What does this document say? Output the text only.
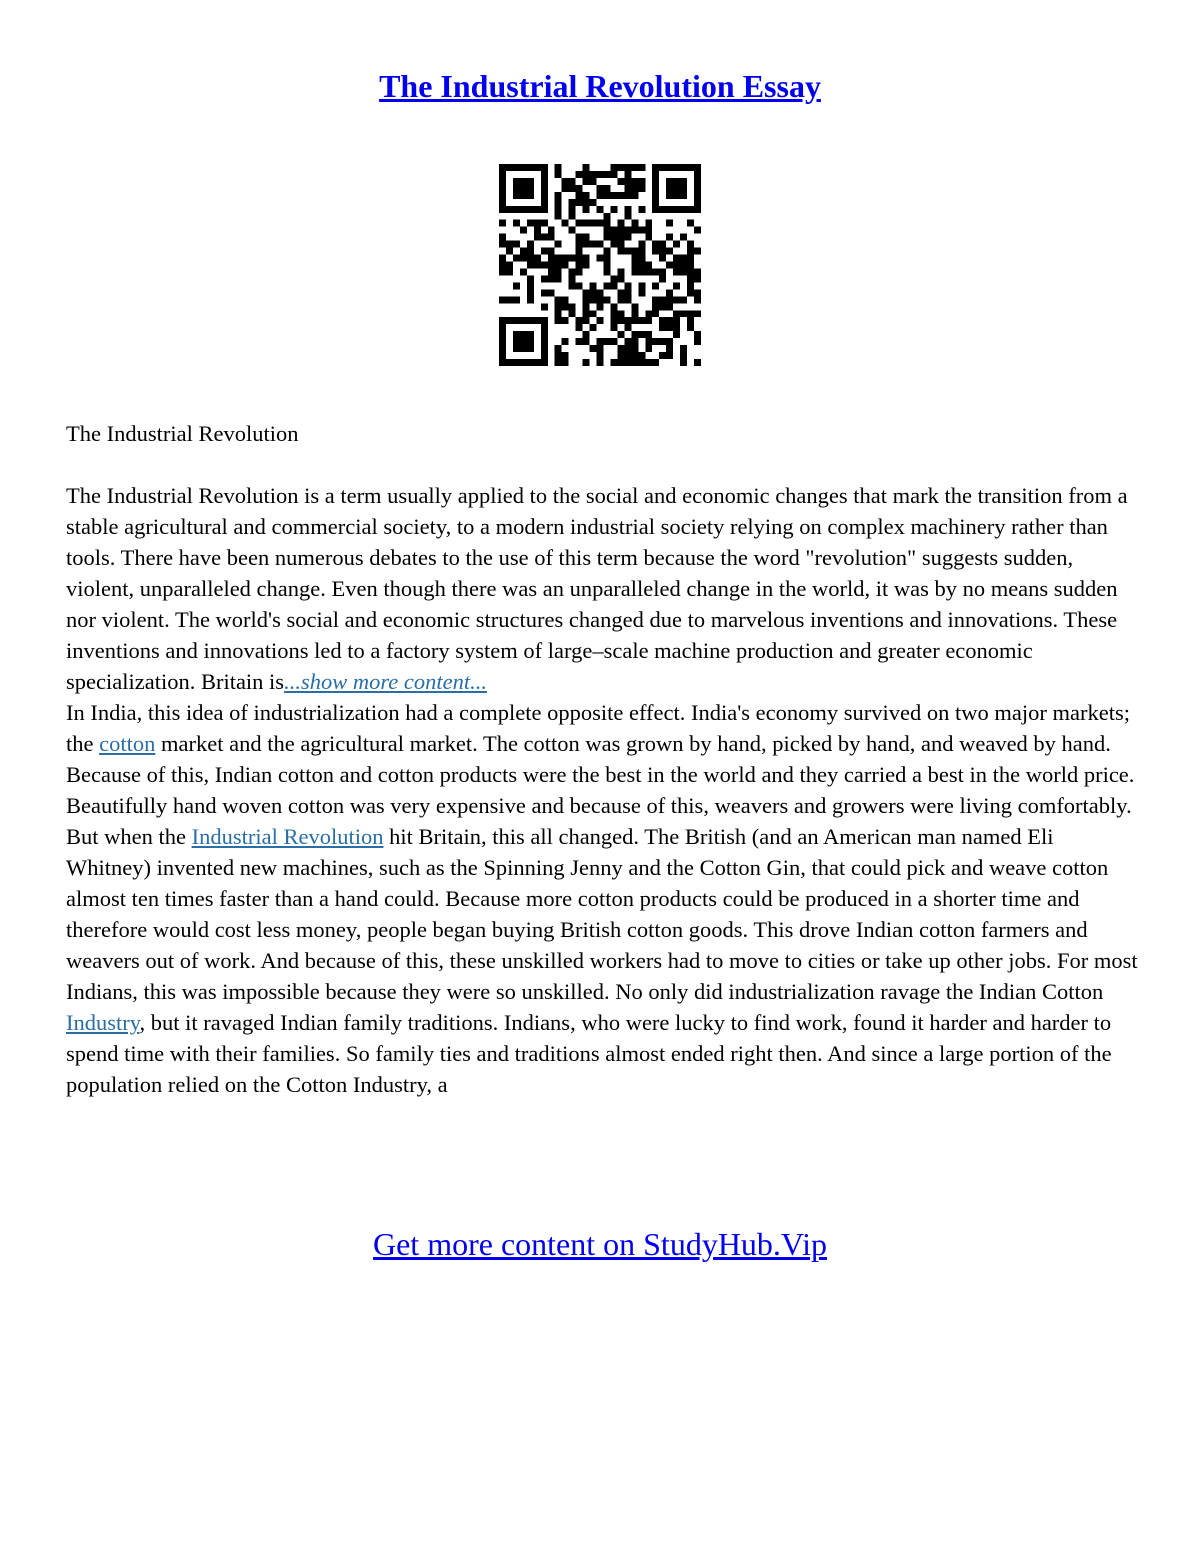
The Industrial Revolution Essay

The Industrial Revolution

The Industrial Revolution is a term usually applied to the social and economic changes that mark the transition from a stable agricultural and commercial society, to a modern industrial society relying on complex machinery rather than tools. There have been numerous debates to the use of this term because the word "revolution" suggests sudden, violent, unparalleled change. Even though there was an unparalleled change in the world, it was by no means sudden nor violent. The world's social and economic structures changed due to marvelous inventions and innovations. These inventions and innovations led to a factory system of large–scale machine production and greater economic specialization. Britain is...show more content...

In India, this idea of industrialization had a complete opposite effect. India's economy survived on two major markets; the cotton market and the agricultural market. The cotton was grown by hand, picked by hand, and weaved by hand. Because of this, Indian cotton and cotton products were the best in the world and they carried a best in the world price. Beautifully hand woven cotton was very expensive and because of this, weavers and growers were living comfortably. But when the Industrial Revolution hit Britain, this all changed. The British (and an American man named Eli Whitney) invented new machines, such as the Spinning Jenny and the Cotton Gin, that could pick and weave cotton almost ten times faster than a hand could. Because more cotton products could be produced in a shorter time and therefore would cost less money, people began buying British cotton goods. This drove Indian cotton farmers and weavers out of work. And because of this, these unskilled workers had to move to cities or take up other jobs. For most Indians, this was impossible because they were so unskilled. No only did industrialization ravage the Indian Cotton Industry, but it ravaged Indian family traditions. Indians, who were lucky to find work, found it harder and harder to spend time with their families. So family ties and traditions almost ended right then. And since a large portion of the population relied on the Cotton Industry, a

Get more content on StudyHub.Vip
